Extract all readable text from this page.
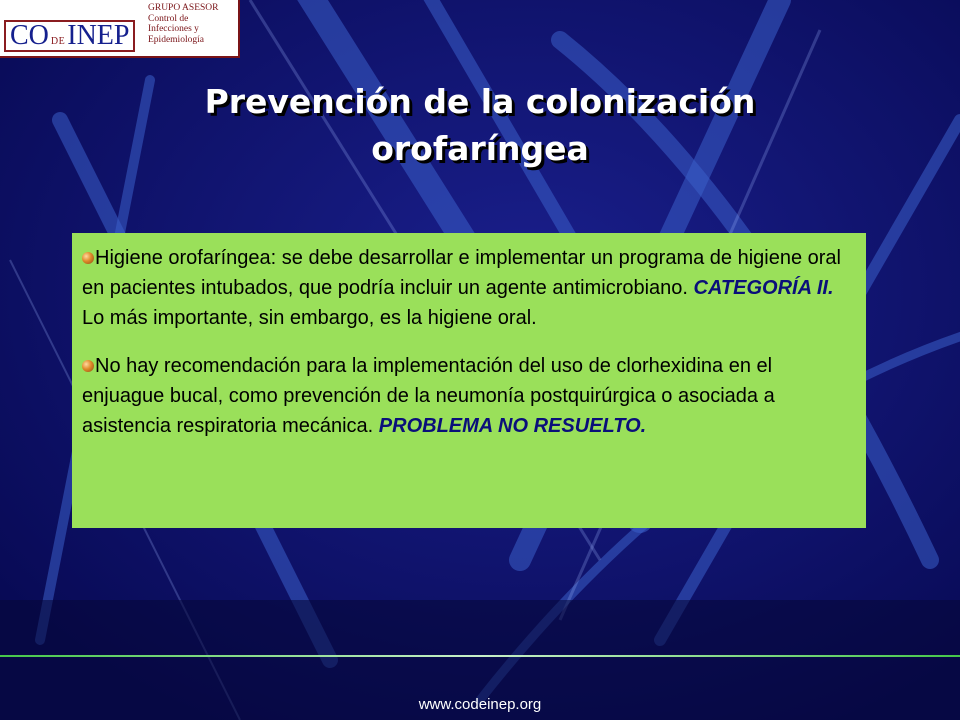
CO DE INEP
GRUPO ASESOR
Control de
Infecciones y
Epidemiología
Prevención de la colonización
orofaríngea

Higiene orofaríngea: se debe desarrollar e implementar un programa de higiene oral en pacientes intubados, que podría incluir un agente antimicrobiano. CATEGORÍA II. Lo más importante, sin embargo, es la higiene oral.

No hay recomendación para la implementación del uso de clorhexidina en el enjuague bucal, como prevención de la neumonía postquirúrgica o asociada a asistencia respiratoria mecánica. PROBLEMA NO RESUELTO.

www.codeinep.org
